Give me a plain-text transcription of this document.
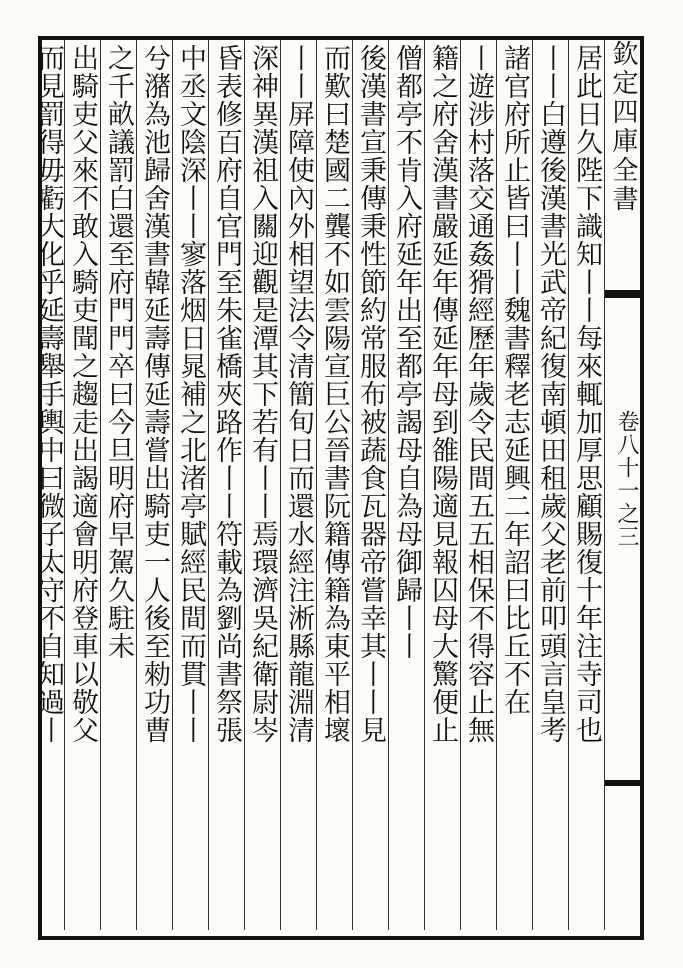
欽定四庫全書
卷八十一之三
居此日久陛下識知丨丨每來輒加厚思顧賜復十年注寺司也
丨丨白遵後漢書光武帝紀復南頓田租歲父老前叩頭言皇考
諸官府所止皆曰丨丨魏書釋老志延興二年詔曰比丘不在
丨遊涉村落交通姦猾經歷年歲令民間五五相保不得容止無
籍之府舍漢書嚴延年傳延年母到雒陽適見報囚母大驚便止
僧都亭不肯入府延年出至都亭謁母自為母御歸丨丨
後漢書宣秉傳秉性節約常服布被蔬食瓦器帝嘗幸其丨丨見
而歎曰楚國二龔不如雲陽宣巨公晉書阮籍傳籍為東平相壞
丨丨屏障使內外相望法令清簡旬日而還水經注淅縣龍淵清
深神異漢祖入關迎觀是潭其下若有丨丨焉環濟吳紀衛尉岑
昏表修百府自官門至朱雀橋夾路作丨丨符載為劉尚書祭張
中丞文陰深丨丨寥落烟日晁補之北渚亭賦經民間而貫丨丨
兮潴為池歸舍漢書韓延壽傳延壽嘗出騎吏一人後至勑功曹
之千畝議罰白還至府門門卒曰今旦明府早駕久駐未
出騎吏父來不敢入騎吏聞之趨走出謁適會明府登車以敬父
而見罰得毋虧大化乎延壽舉手輿中曰微子太守不自知過丨
